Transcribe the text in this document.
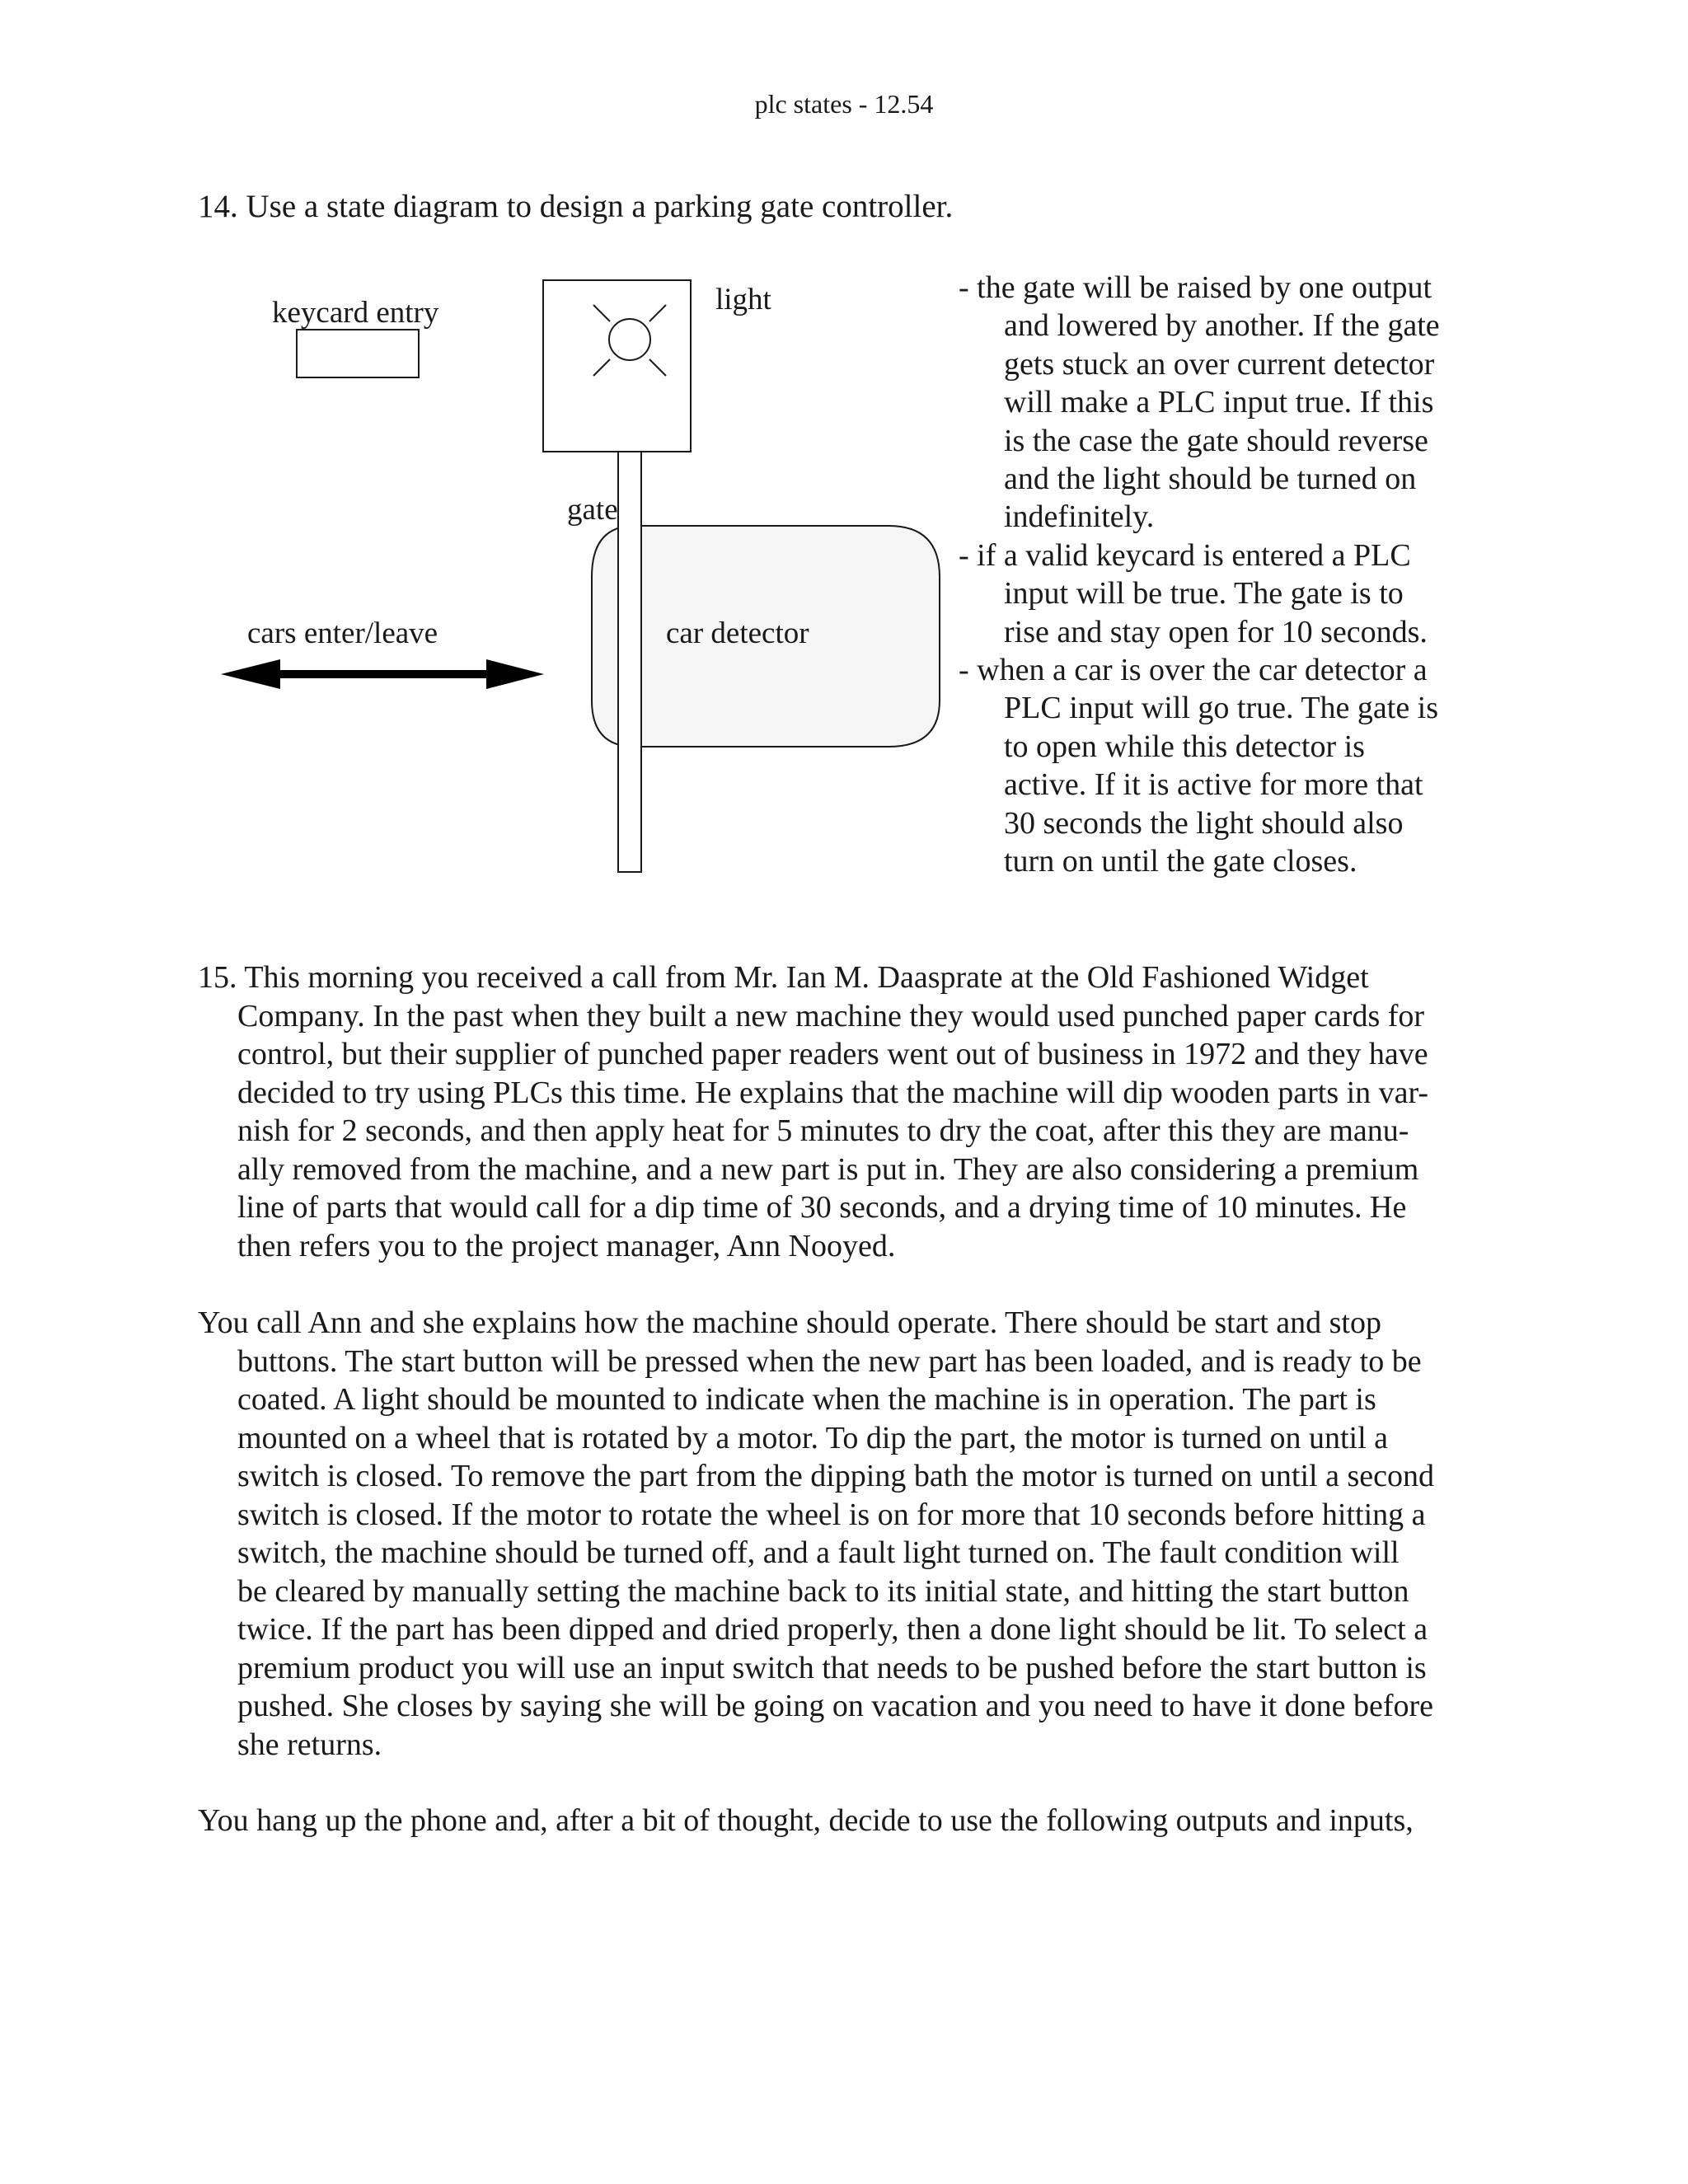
plc states - 12.54
14. Use a state diagram to design a parking gate controller.
keycard entry	light
car detector
gate
cars enter/leave
- the gate will be raised by one output
and lowered by another. If the gate
gets stuck an over current detector
will make a PLC input true. If this
is the case the gate should reverse
and the light should be turned on
indefinitely.
- if a valid keycard is entered a PLC
input will be true. The gate is to
rise and stay open for 10 seconds.
- when a car is over the car detector a
PLC input will go true. The gate is
to open while this detector is
active. If it is active for more that
30 seconds the light should also
turn on until the gate closes.
15. This morning you received a call from Mr. Ian M. Daasprate at the Old Fashioned Widget
Company. In the past when they built a new machine they would used punched paper cards for
control, but their supplier of punched paper readers went out of business in 1972 and they have
decided to try using PLCs this time. He explains that the machine will dip wooden parts in var-
nish for 2 seconds, and then apply heat for 5 minutes to dry the coat, after this they are manu-
ally removed from the machine, and a new part is put in. They are also considering a premium
line of parts that would call for a dip time of 30 seconds, and a drying time of 10 minutes. He
then refers you to the project manager, Ann Nooyed.
You call Ann and she explains how the machine should operate. There should be start and stop
buttons. The start button will be pressed when the new part has been loaded, and is ready to be
coated. A light should be mounted to indicate when the machine is in operation. The part is
mounted on a wheel that is rotated by a motor. To dip the part, the motor is turned on until a
switch is closed. To remove the part from the dipping bath the motor is turned on until a second
switch is closed. If the motor to rotate the wheel is on for more that 10 seconds before hitting a
switch, the machine should be turned off, and a fault light turned on. The fault condition will
be cleared by manually setting the machine back to its initial state, and hitting the start button
twice. If the part has been dipped and dried properly, then a done light should be lit. To select a
premium product you will use an input switch that needs to be pushed before the start button is
pushed. She closes by saying she will be going on vacation and you need to have it done before
she returns.
You hang up the phone and, after a bit of thought, decide to use the following outputs and inputs,
